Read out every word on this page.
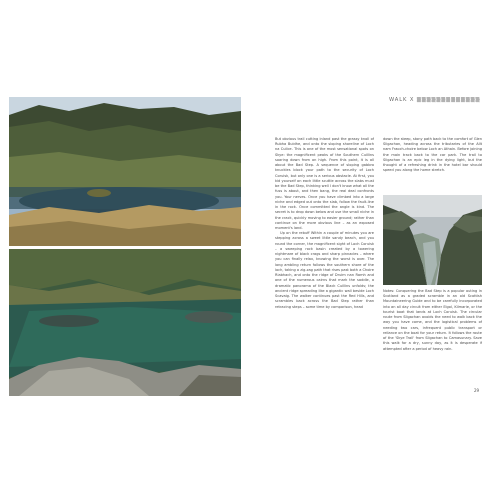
WALK X ▒▒▒▒▒▒▒▒▒▒▒▒▒

But obvious trail cutting inland past the grassy knoll of Rubha Buidhe, and onto the sloping shoreline of Loch na Cuilce. This is one of the most sensational spots on Skye: the magnificent peaks of the Southern Cuillins soaring down from on high. From this point, it is all about the Bad Step. A sequence of sloping gabbro knuckles block your path to the security of Loch Coruisk, but only one is a serious obstacle. At first, you kid yourself on each little scuttle across the slabs must be the Bad Step, thinking well I don't know what all the fuss is about, and then bang, the real deal confronts you. Your nerves. Once you have climbed into a large niche and edged out onto the slab, follow the fault-line in the rock. Once committed the angle is kind. The secret is to drop down below and use the small niche in the crack, quickly moving to easier ground; rather than continue on the more obvious line – as an exposed moment's land.

Up on the rebuff Within a couple of minutes you are stepping across a sweet little sandy beach, and you round the corner, the magnificent sight of Loch Coruisk – a sweeping rock basin created by a towering nightmare of black crags and sharp pinnacles – where you can finally relax, knowing the worst is over. The long ambling return follows the southern shore of the loch, taking a zig-zag path that rises past both a Choire Riabhach, and onto the ridge of Druim nan Ramh and one of the numerous cairns that mark the saddle, a dramatic panorama of the Black Cuillins unfolds; the ancient ridge spreading like a gigantic wall beside Loch Scavaig. The walker continues past the Red Hills, and scrambles back across the Bad Step rather than retracing steps – some time by comparison, head

down the steep, stony path back to the comfort of Glen Sligachan, heading across the tributaries of the Allt nam Fraoch-choire below Loch an Athain. Before joining the main track back to the car park. The trail to Sligachan is an epic leg in the dying light, but the thought of a refreshing drink in the hotel bar should speed you along the home stretch.

Notes: Conquering the Bad Step is a popular outing in Scotland as a graded scramble in an old Scottish Mountaineering Guide and to be carefully incorporated into an all day circuit from either Elgol, Kilmarie, or the tourist boat that lands at Loch Coruisk. The circular route from Sligachan avoids the need to walk back the way you have come, and the logistical problems of needing two cars, infrequent public transport or reliance on the boat for your return. It follows the route of the 'Skye Trail' from Sligachan to Camasunary. Save this walk for a dry, sunny day, as it is desperate if attempted after a period of heavy rain.

29
